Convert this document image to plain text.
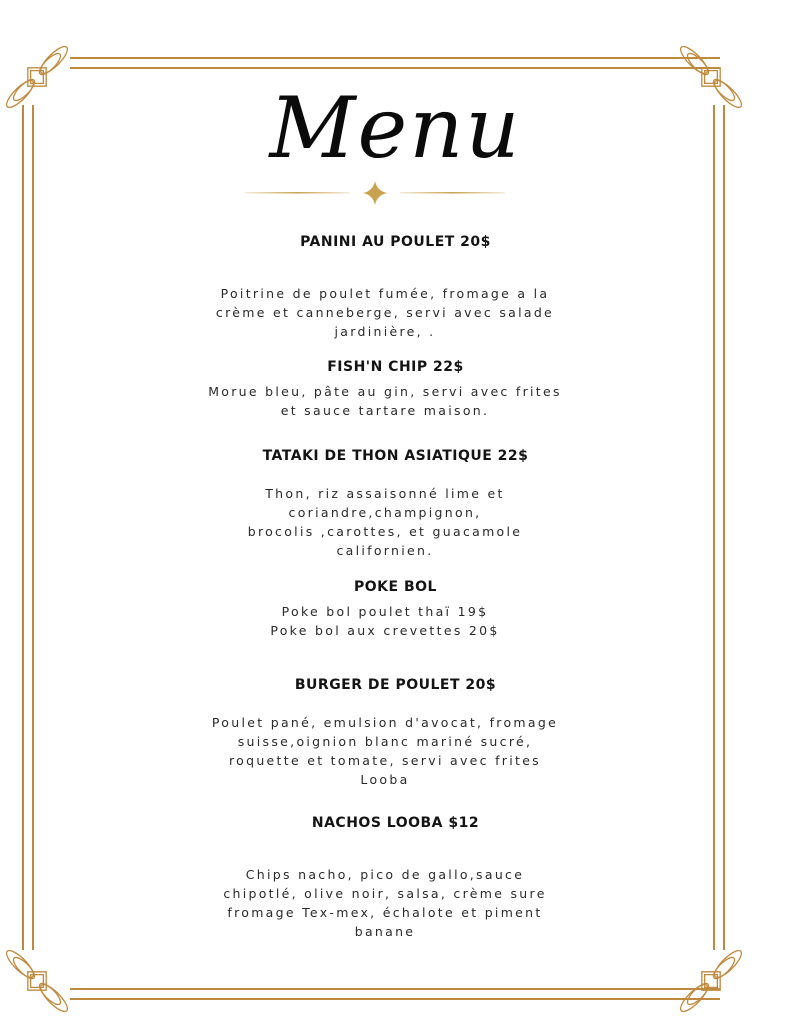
Menu
PANINI AU POULET 20$
Poitrine de poulet fumée, fromage a la
crème et canneberge, servi avec salade
jardinière, .
FISH'N CHIP 22$
Morue bleu, pâte au gin, servi avec frites
et sauce tartare maison.
TATAKI DE THON ASIATIQUE 22$
Thon, riz assaisonné lime et
coriandre,champignon,
brocolis ,carottes, et guacamole
californien.
POKE BOL
Poke bol poulet thaï 19$
Poke bol aux crevettes 20$
BURGER DE POULET 20$
Poulet pané, emulsion d'avocat, fromage
suisse,oignion blanc mariné sucré,
roquette et tomate, servi avec frites
Looba
NACHOS LOOBA $12
Chips nacho, pico de gallo,sauce
chipotlé, olive noir, salsa, crème sure
fromage Tex-mex, échalote et piment
banane
